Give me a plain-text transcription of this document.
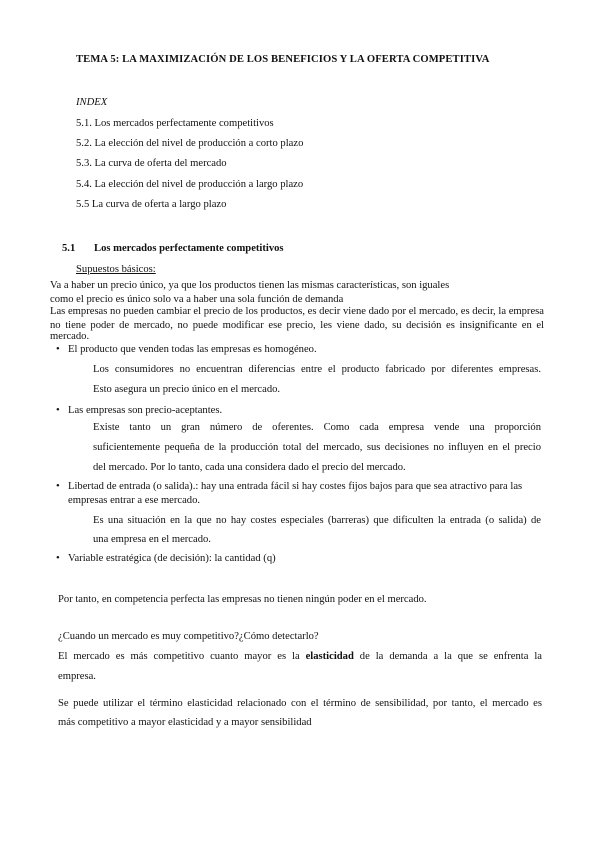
TEMA 5: LA MAXIMIZACIÓN DE LOS BENEFICIOS Y LA OFERTA COMPETITIVA
INDEX
5.1. Los mercados perfectamente competitivos
5.2. La elección del nivel de producción a corto plazo
5.3. La curva de oferta del mercado
5.4. La elección del nivel de producción a largo plazo
5.5 La curva de oferta a largo plazo
5.1 Los mercados perfectamente competitivos
Supuestos básicos:
Va a haber un precio único, ya que los productos tienen las mismas características, son iguales
como el precio es único solo va a haber una sola función de demanda
Las empresas no pueden cambiar el precio de los productos, es decir viene dado por el mercado, es decir, la empresa
no tiene poder de mercado, no puede modificar ese precio, les viene dado, su decisión es insignificante en el mercado.
• El producto que venden todas las empresas es homogéneo.
Los consumidores no encuentran diferencias entre el producto fabricado por diferentes empresas.
Esto asegura un precio único en el mercado.
• Las empresas son precio-aceptantes.
Existe tanto un gran número de oferentes. Como cada empresa vende una proporción
suficientemente pequeña de la producción total del mercado, sus decisiones no influyen en el precio
del mercado. Por lo tanto, cada una considera dado el precio del mercado.
• Libertad de entrada (o salida).: hay una entrada fácil si hay costes fijos bajos para que sea atractivo para las
empresas entrar a ese mercado.
Es una situación en la que no hay costes especiales (barreras) que dificulten la entrada (o salida) de
una empresa en el mercado.
• Variable estratégica (de decisión): la cantidad (q)
Por tanto, en competencia perfecta las empresas no tienen ningún poder en el mercado.
¿Cuando un mercado es muy competitivo?¿Cómo detectarlo?
El mercado es más competitivo cuanto mayor es la elasticidad de la demanda a la que se enfrenta la
empresa.
Se puede utilizar el término elasticidad relacionado con el término de sensibilidad, por tanto, el mercado es
más competitivo a mayor elasticidad y a mayor sensibilidad
